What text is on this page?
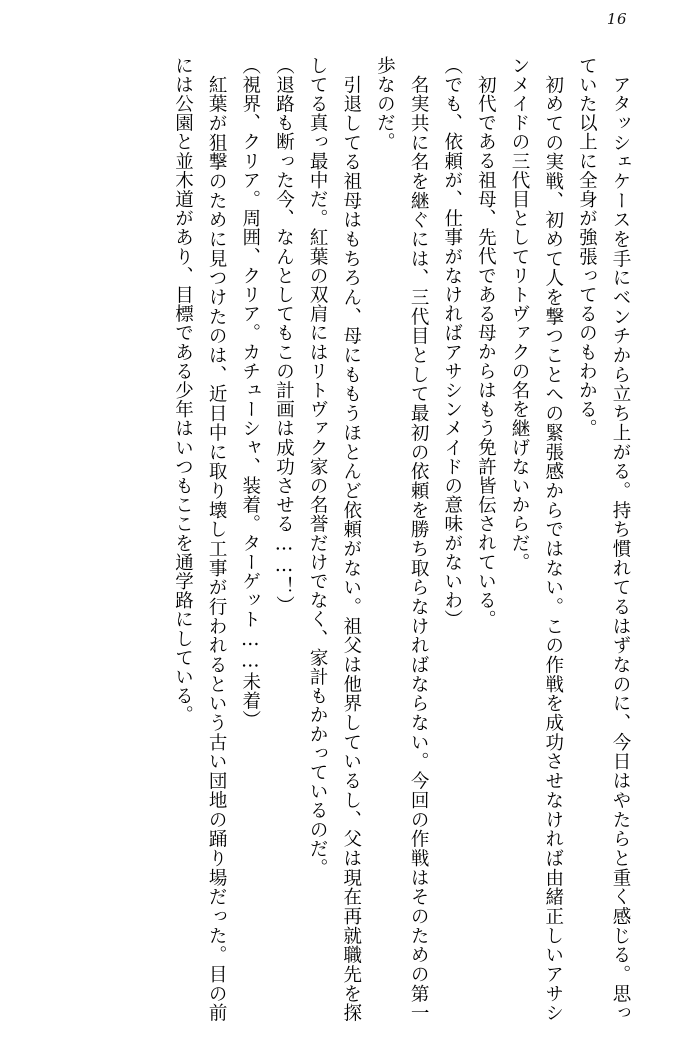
16

アタッシェケースを手にベンチから立ち上がる。持ち慣れてるはずなのに、今日はやたらと重く感じる。思っていた以上に全身が強張ってるのもわかる。

初めての実戦、初めて人を撃つことへの緊張感からではない。この作戦を成功させなければ由緒正しいアサシンメイドの三代目としてリトヴァクの名を継げないからだ。

初代である祖母、先代である母からはもう免許皆伝されている。

（でも、依頼が、仕事がなければアサシンメイドの意味がないわ）

名実共に名を継ぐには、三代目として最初の依頼を勝ち取らなければならない。今回の作戦はそのための第一歩なのだ。

引退してる祖母はもちろん、母にももうほとんど依頼がない。祖父は他界しているし、父は現在再就職先を探してる真っ最中だ。紅葉の双肩にはリトヴァク家の名誉だけでなく、家計もかかっているのだ。

（退路も断った今、なんとしてもこの計画は成功させる……！）

（視界、クリア。周囲、クリア。カチューシャ、装着。ターゲット……未着）

紅葉が狙撃のために見つけたのは、近日中に取り壊し工事が行われるという古い団地の踊り場だった。目の前には公園と並木道があり、目標である少年はいつもここを通学路にしている。
